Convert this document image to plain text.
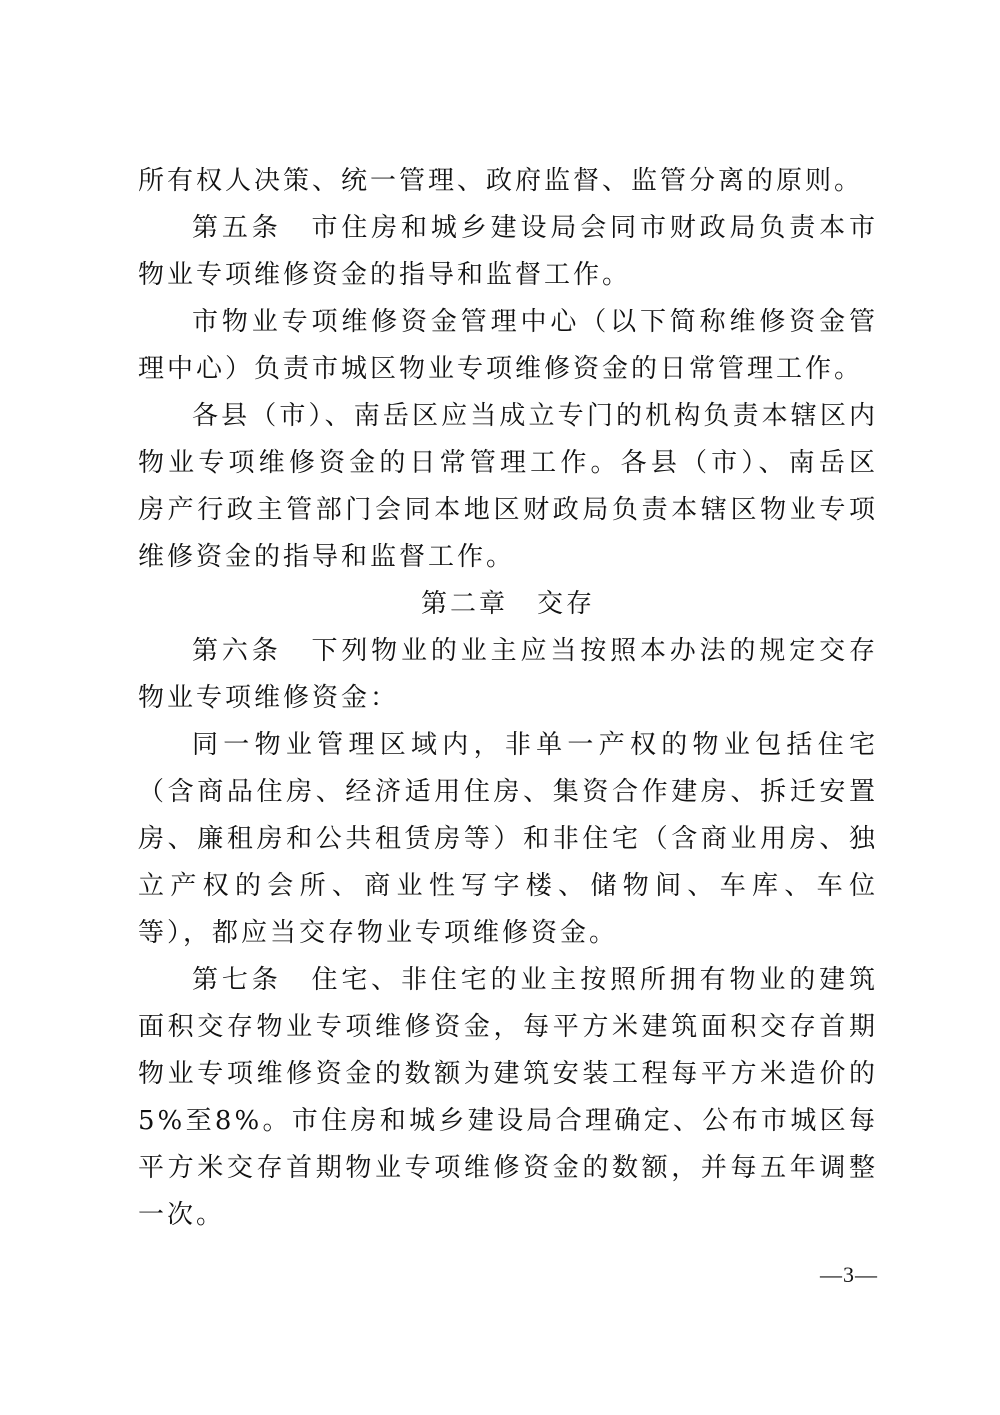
所有权人决策、统一管理、政府监督、监管分离的原则。

第五条　市住房和城乡建设局会同市财政局负责本市物业专项维修资金的指导和监督工作。

市物业专项维修资金管理中心（以下简称维修资金管理中心）负责市城区物业专项维修资金的日常管理工作。

各县（市）、南岳区应当成立专门的机构负责本辖区内物业专项维修资金的日常管理工作。各县（市）、南岳区房产行政主管部门会同本地区财政局负责本辖区物业专项维修资金的指导和监督工作。

第二章　交存

第六条　下列物业的业主应当按照本办法的规定交存物业专项维修资金：

同一物业管理区域内，非单一产权的物业包括住宅（含商品住房、经济适用住房、集资合作建房、拆迁安置房、廉租房和公共租赁房等）和非住宅（含商业用房、独立产权的会所、商业性写字楼、储物间、车库、车位等），都应当交存物业专项维修资金。

第七条　住宅、非住宅的业主按照所拥有物业的建筑面积交存物业专项维修资金，每平方米建筑面积交存首期物业专项维修资金的数额为建筑安装工程每平方米造价的5%至8%。市住房和城乡建设局合理确定、公布市城区每平方米交存首期物业专项维修资金的数额，并每五年调整一次。

—3—
